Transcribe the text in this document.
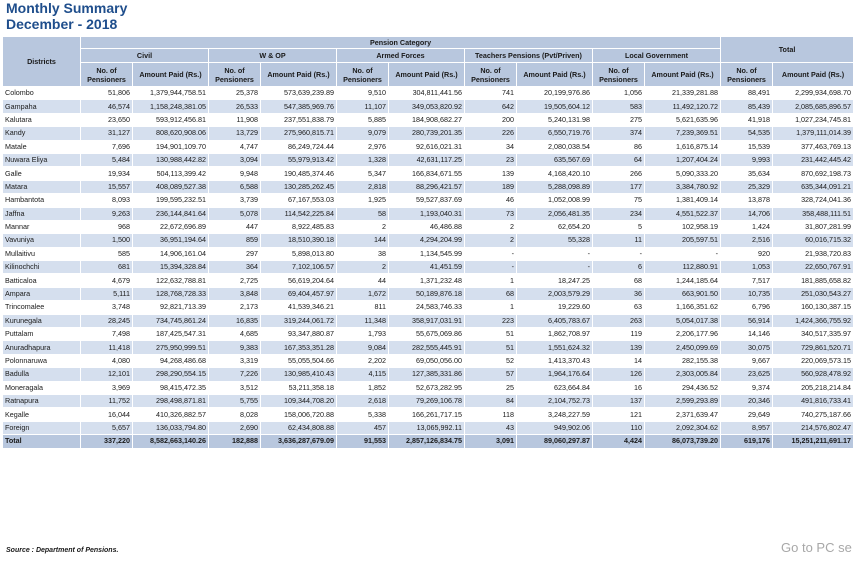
Monthly Summary
December - 2018
Districts	Pension Category										Total	
	Civil		W & OP		Armed Forces		Teachers Pensions (Pvt/Priven)		Local Government			
	No. of Pensioners	Amount Paid (Rs.)	No. of Pensioners	Amount Paid (Rs.)	No. of Pensioners	Amount Paid (Rs.)	No. of Pensioners	Amount Paid (Rs.)	No. of Pensioners	Amount Paid (Rs.)	No. of Pensioners	Amount Paid (Rs.)
Colombo	51,806	1,379,944,758.51	25,378	573,639,239.89	9,510	304,811,441.56	741	20,199,976.86	1,056	21,339,281.88	88,491	2,299,934,698.70
Gampaha	46,574	1,158,248,381.05	26,533	547,385,969.76	11,107	349,053,820.92	642	19,505,604.12	583	11,492,120.72	85,439	2,085,685,896.57
Kalutara	23,650	593,912,456.81	11,908	237,551,838.79	5,885	184,908,682.27	200	5,240,131.98	275	5,621,635.96	41,918	1,027,234,745.81
Kandy	31,127	808,620,908.06	13,729	275,960,815.71	9,079	280,739,201.35	226	6,550,719.76	374	7,239,369.51	54,535	1,379,111,014.39
Matale	7,696	194,901,109.70	4,747	86,249,724.44	2,976	92,616,021.31	34	2,080,038.54	86	1,616,875.14	15,539	377,463,769.13
Nuwara Eliya	5,484	130,988,442.82	3,094	55,979,913.42	1,328	42,631,117.25	23	635,567.69	64	1,207,404.24	9,993	231,442,445.42
Galle	19,934	504,113,399.42	9,948	190,485,374.46	5,347	166,834,671.55	139	4,168,420.10	266	5,090,333.20	35,634	870,692,198.73
Matara	15,557	408,089,527.38	6,588	130,285,262.45	2,818	88,296,421.57	189	5,288,098.89	177	3,384,780.92	25,329	635,344,091.21
Hambantota	8,093	199,595,232.51	3,739	67,167,553.03	1,925	59,527,837.69	46	1,052,008.99	75	1,381,409.14	13,878	328,724,041.36
Jaffna	9,263	236,144,841.64	5,078	114,542,225.84	58	1,193,040.31	73	2,056,481.35	234	4,551,522.37	14,706	358,488,111.51
Mannar	968	22,672,696.89	447	8,922,485.83	2	46,486.88	2	62,654.20	5	102,958.19	1,424	31,807,281.99
Vavuniya	1,500	36,951,194.64	859	18,510,390.18	144	4,294,204.99	2	55,328	11	205,597.51	2,516	60,016,715.32
Mullaitivu	585	14,906,161.04	297	5,898,013.80	38	1,134,545.99	-	-	-	-	920	21,938,720.83
Kilinochchi	681	15,394,328.84	364	7,102,106.57	2	41,451.59	-	-	6	112,880.91	1,053	22,650,767.91
Batticaloa	4,679	122,632,788.81	2,725	56,619,204.64	44	1,371,232.48	1	18,247.25	68	1,244,185.64	7,517	181,885,658.82
Ampara	5,111	128,768,728.33	3,848	69,404,457.97	1,672	50,189,876.18	68	2,003,579.29	36	663,901.50	10,735	251,030,543.27
Trincomalee	3,748	92,821,713.39	2,173	41,539,346.21	811	24,583,746.33	1	19,229.60	63	1,166,351.62	6,796	160,130,387.15
Kurunegala	28,245	734,745,861.24	16,835	319,244,061.72	11,348	358,917,031.91	223	6,405,783.67	263	5,054,017.38	56,914	1,424,366,755.92
Puttalam	7,498	187,425,547.31	4,685	93,347,880.87	1,793	55,675,069.86	51	1,862,708.97	119	2,206,177.96	14,146	340,517,335.97
Anuradhapura	11,418	275,950,999.51	9,383	167,353,351.28	9,084	282,555,445.91	51	1,551,624.32	139	2,450,099.69	30,075	729,861,520.71
Polonnaruwa	4,080	94,268,486.68	3,319	55,055,504.66	2,202	69,050,056.00	52	1,413,370.43	14	282,155.38	9,667	220,069,573.15
Badulla	12,101	298,290,554.15	7,226	130,985,410.43	4,115	127,385,331.86	57	1,964,176.64	126	2,303,005.84	23,625	560,928,478.92
Moneragala	3,969	98,415,472.35	3,512	53,211,358.18	1,852	52,673,282.95	25	623,664.84	16	294,436.52	9,374	205,218,214.84
Ratnapura	11,752	298,498,871.81	5,755	109,344,708.20	2,618	79,269,106.78	84	2,104,752.73	137	2,599,293.89	20,346	491,816,733.41
Kegalle	16,044	410,326,882.57	8,028	158,006,720.88	5,338	166,261,717.15	118	3,248,227.59	121	2,371,639.47	29,649	740,275,187.66
Foreign	5,657	136,033,794.80	2,690	62,434,808.88	457	13,065,992.11	43	949,902.06	110	2,092,304.62	8,957	214,576,802.47
Total	337,220	8,582,663,140.26	182,888	3,636,287,679.09	91,553	2,857,126,834.75	3,091	89,060,297.87	4,424	86,073,739.20	619,176	15,251,211,691.17
Source : Department of Pensions.	Go to PC se
